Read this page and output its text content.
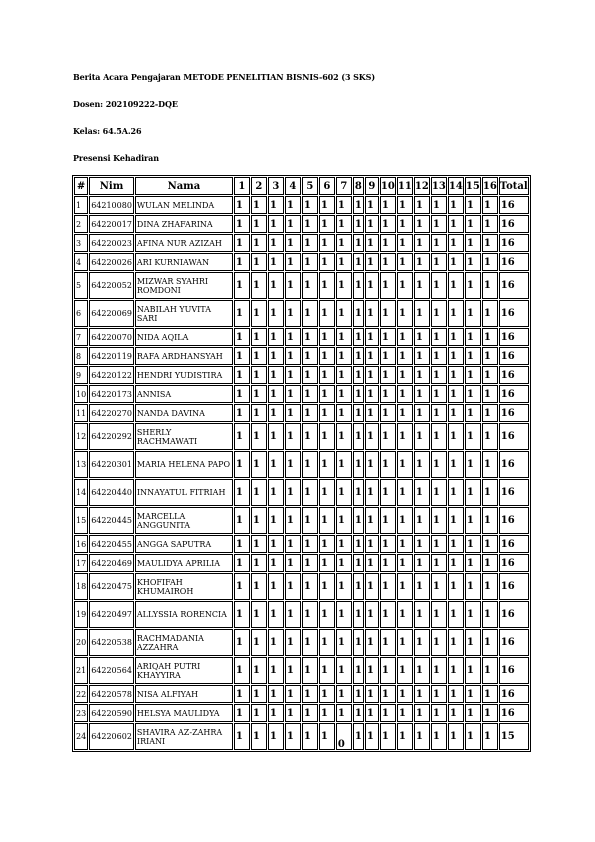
Berita Acara Pengajaran METODE PENELITIAN BISNIS-602 (3 SKS)
Dosen: 202109222-DQE
Kelas: 64.5A.26
Presensi Kehadiran
#	Nim	Nama	1	2	3	4	5	6	7	8	9	10	11	12	13	14	15	16	Total
1	64210080	WULAN MELINDA	1	1	1	1	1	1	1	1	1	1	1	1	1	1	1	1	16
2	64220017	DINA ZHAFARINA	1	1	1	1	1	1	1	1	1	1	1	1	1	1	1	1	16
3	64220023	AFINA NUR AZIZAH	1	1	1	1	1	1	1	1	1	1	1	1	1	1	1	1	16
4	64220026	ARI KURNIAWAN	1	1	1	1	1	1	1	1	1	1	1	1	1	1	1	1	16
5	64220052	MIZWAR SYAHRI ROMDONI	1	1	1	1	1	1	1	1	1	1	1	1	1	1	1	1	16
6	64220069	NABILAH YUVITA SARI	1	1	1	1	1	1	1	1	1	1	1	1	1	1	1	1	16
7	64220070	NIDA AQILA	1	1	1	1	1	1	1	1	1	1	1	1	1	1	1	1	16
8	64220119	RAFA ARDHANSYAH	1	1	1	1	1	1	1	1	1	1	1	1	1	1	1	1	16
9	64220122	HENDRI YUDISTIRA	1	1	1	1	1	1	1	1	1	1	1	1	1	1	1	1	16
10	64220173	ANNISA	1	1	1	1	1	1	1	1	1	1	1	1	1	1	1	1	16
11	64220270	NANDA DAVINA	1	1	1	1	1	1	1	1	1	1	1	1	1	1	1	1	16
12	64220292	SHERLY RACHMAWATI	1	1	1	1	1	1	1	1	1	1	1	1	1	1	1	1	16
13	64220301	MARIA HELENA PAPO	1	1	1	1	1	1	1	1	1	1	1	1	1	1	1	1	16
14	64220440	INNAYATUL FITRIAH	1	1	1	1	1	1	1	1	1	1	1	1	1	1	1	1	16
15	64220445	MARCELLA ANGGUNITA	1	1	1	1	1	1	1	1	1	1	1	1	1	1	1	1	16
16	64220455	ANGGA SAPUTRA	1	1	1	1	1	1	1	1	1	1	1	1	1	1	1	1	16
17	64220469	MAULIDYA APRILIA	1	1	1	1	1	1	1	1	1	1	1	1	1	1	1	1	16
18	64220475	KHOFIFAH KHUMAIROH	1	1	1	1	1	1	1	1	1	1	1	1	1	1	1	1	16
19	64220497	ALLYSSIA RORENCIA	1	1	1	1	1	1	1	1	1	1	1	1	1	1	1	1	16
20	64220538	RACHMADANIA AZZAHRA	1	1	1	1	1	1	1	1	1	1	1	1	1	1	1	1	16
21	64220564	ARIQAH PUTRI KHAYYIRA	1	1	1	1	1	1	1	1	1	1	1	1	1	1	1	1	16
22	64220578	NISA ALFIYAH	1	1	1	1	1	1	1	1	1	1	1	1	1	1	1	1	16
23	64220590	HELSYA MAULIDYA	1	1	1	1	1	1	1	1	1	1	1	1	1	1	1	1	16
24	64220602	SHAVIRA AZ-ZAHRA IRIANI	1	1	1	1	1	1	0	1	1	1	1	1	1	1	1	1	15
